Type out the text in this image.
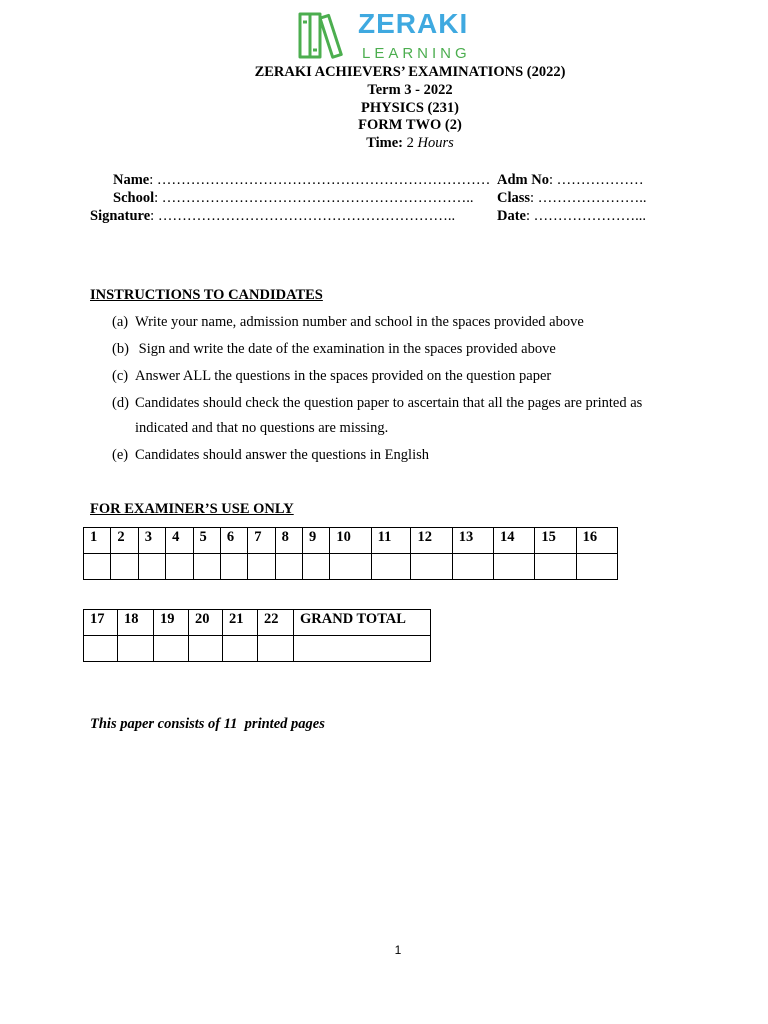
ZERAKI
LEARNING
ZERAKI ACHIEVERS’ EXAMINATIONS (2022)
Term 3 - 2022
PHYSICS (231)
FORM TWO (2)
Time: 2 Hours
Name: …………………………………………………………… Adm No: ………………
School: ……………………………………………………….. Class: …………………..
Signature: ……………………………………………………..	Date: …………………...
INSTRUCTIONS TO CANDIDATES
(a) Write your name, admission number and school in the spaces provided above
(b) Sign and write the date of the examination in the spaces provided above
(c) Answer ALL the questions in the spaces provided on the question paper
(d) Candidates should check the question paper to ascertain that all the pages are printed as indicated and that no questions are missing.
(e) Candidates should answer the questions in English
FOR EXAMINER’S USE ONLY
1	2	3	4	5	6	7	8	9	10	11	12	13	14	15	16

17	18	19	20	21	22	GRAND TOTAL

This paper consists of 11  printed pages
1
